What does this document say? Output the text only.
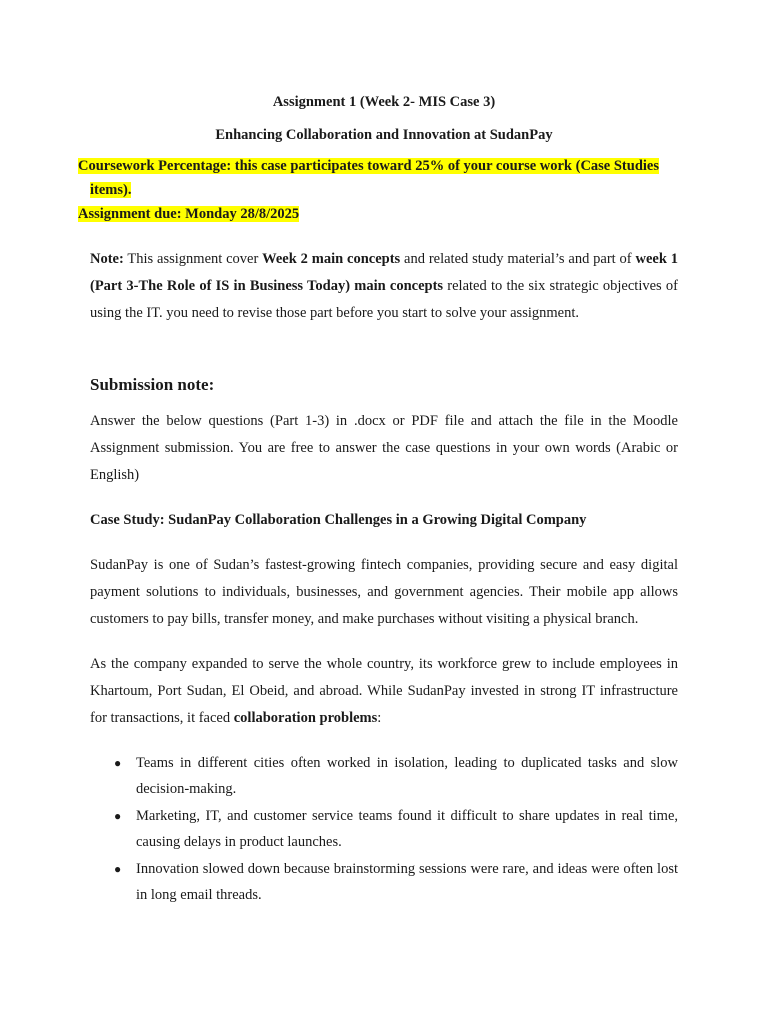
Assignment 1 (Week 2- MIS Case 3)
Enhancing Collaboration and Innovation at SudanPay
Coursework Percentage: this case participates toward 25% of your course work (Case Studies
items).
Assignment due: Monday 28/8/2025

Note: This assignment cover Week 2 main concepts and related study material’s and part of week 1 (Part 3-The Role of IS in Business Today) main concepts related to the six strategic objectives of using the IT. you need to revise those part before you start to solve your assignment.

Submission note:

Answer the below questions (Part 1-3) in .docx or PDF file and attach the file in the Moodle Assignment submission. You are free to answer the case questions in your own words (Arabic or English)

Case Study: SudanPay Collaboration Challenges in a Growing Digital Company

SudanPay is one of Sudan’s fastest-growing fintech companies, providing secure and easy digital payment solutions to individuals, businesses, and government agencies. Their mobile app allows customers to pay bills, transfer money, and make purchases without visiting a physical branch.

As the company expanded to serve the whole country, its workforce grew to include employees in Khartoum, Port Sudan, El Obeid, and abroad. While SudanPay invested in strong IT infrastructure for transactions, it faced collaboration problems:

● Teams in different cities often worked in isolation, leading to duplicated tasks and slow decision-making.
● Marketing, IT, and customer service teams found it difficult to share updates in real time, causing delays in product launches.
● Innovation slowed down because brainstorming sessions were rare, and ideas were often lost in long email threads.
